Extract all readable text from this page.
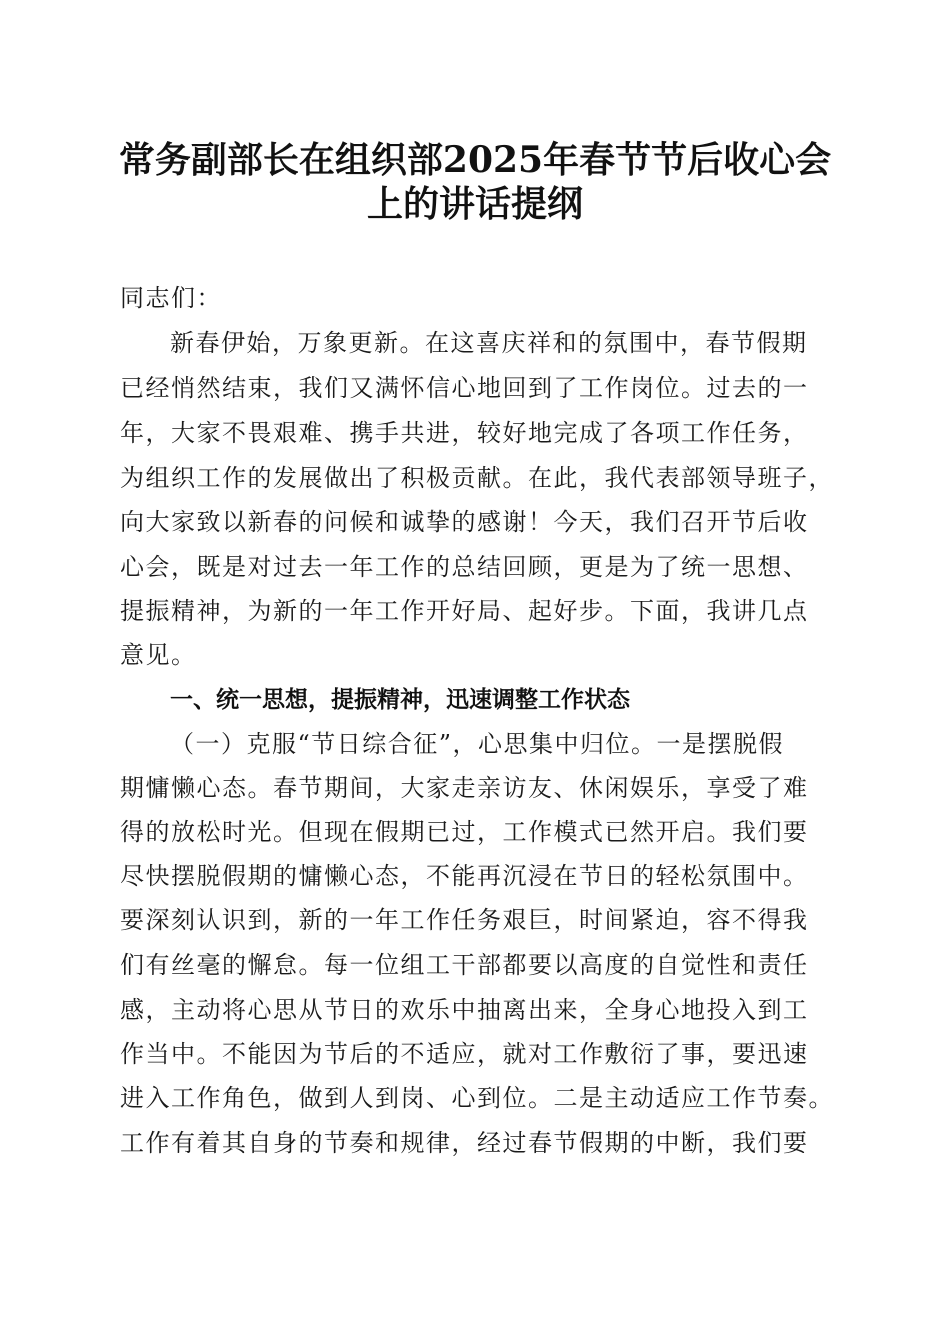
常务副部长在组织部2025年春节节后收心会
上的讲话提纲
同志们：
新春伊始，万象更新。在这喜庆祥和的氛围中，春节假期
已经悄然结束，我们又满怀信心地回到了工作岗位。过去的一
年，大家不畏艰难、携手共进，较好地完成了各项工作任务，
为组织工作的发展做出了积极贡献。在此，我代表部领导班子，
向大家致以新春的问候和诚挚的感谢！今天，我们召开节后收
心会，既是对过去一年工作的总结回顾，更是为了统一思想、
提振精神，为新的一年工作开好局、起好步。下面，我讲几点
意见。
一、统一思想，提振精神，迅速调整工作状态
（一）克服“节日综合征”，心思集中归位。一是摆脱假
期慵懒心态。春节期间，大家走亲访友、休闲娱乐，享受了难
得的放松时光。但现在假期已过，工作模式已然开启。我们要
尽快摆脱假期的慵懒心态，不能再沉浸在节日的轻松氛围中。
要深刻认识到，新的一年工作任务艰巨，时间紧迫，容不得我
们有丝毫的懈怠。每一位组工干部都要以高度的自觉性和责任
感，主动将心思从节日的欢乐中抽离出来，全身心地投入到工
作当中。不能因为节后的不适应，就对工作敷衍了事，要迅速
进入工作角色，做到人到岗、心到位。二是主动适应工作节奏。
工作有着其自身的节奏和规律，经过春节假期的中断，我们要
